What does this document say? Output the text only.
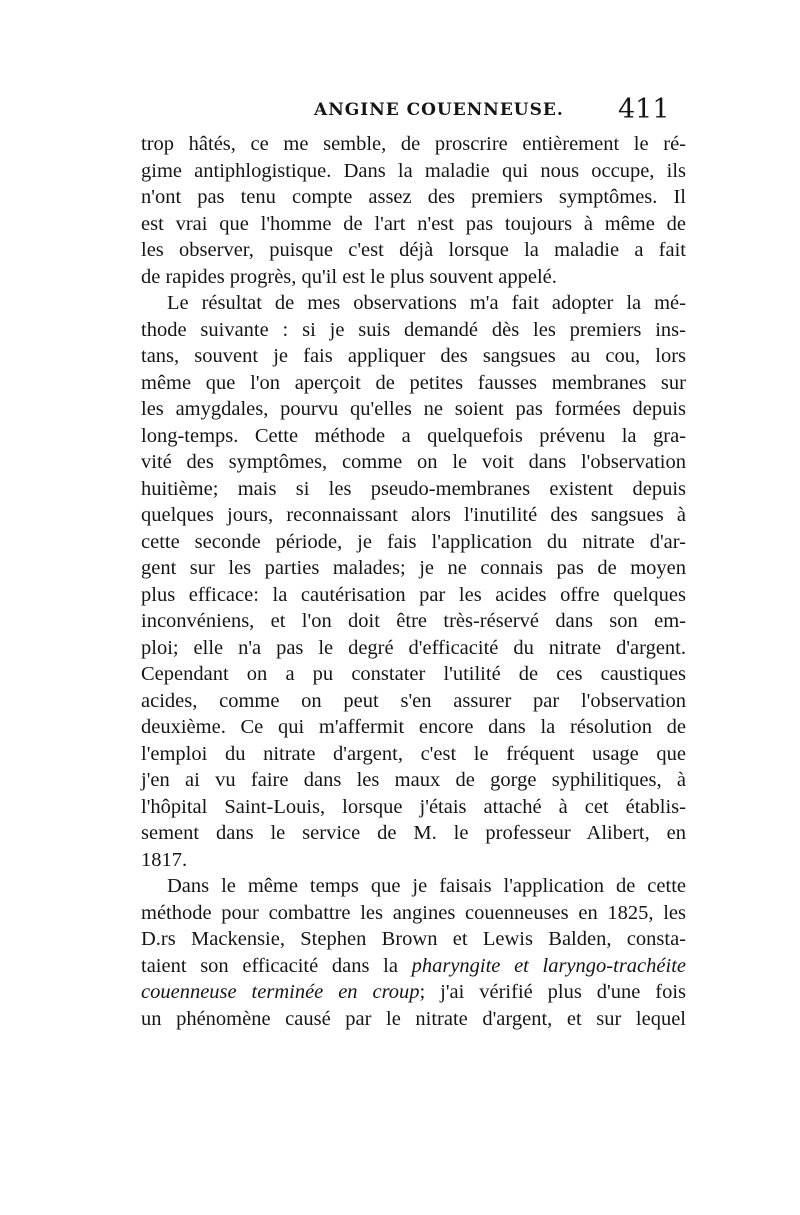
ANGINE COUENNEUSE. 411
trop hâtés, ce me semble, de proscrire entièrement le ré-
gime antiphlogistique. Dans la maladie qui nous occupe, ils
n'ont pas tenu compte assez des premiers symptômes. Il
est vrai que l'homme de l'art n'est pas toujours à même de
les observer, puisque c'est déjà lorsque la maladie a fait
de rapides progrès, qu'il est le plus souvent appelé.
Le résultat de mes observations m'a fait adopter la mé-
thode suivante : si je suis demandé dès les premiers ins-
tans, souvent je fais appliquer des sangsues au cou, lors
même que l'on aperçoit de petites fausses membranes sur
les amygdales, pourvu qu'elles ne soient pas formées depuis
long-temps. Cette méthode a quelquefois prévenu la gra-
vité des symptômes, comme on le voit dans l'observation
huitième; mais si les pseudo-membranes existent depuis
quelques jours, reconnaissant alors l'inutilité des sangsues à
cette seconde période, je fais l'application du nitrate d'ar-
gent sur les parties malades; je ne connais pas de moyen
plus efficace: la cautérisation par les acides offre quelques
inconvéniens, et l'on doit être très-réservé dans son em-
ploi; elle n'a pas le degré d'efficacité du nitrate d'argent.
Cependant on a pu constater l'utilité de ces caustiques
acides, comme on peut s'en assurer par l'observation
deuxième. Ce qui m'affermit encore dans la résolution de
l'emploi du nitrate d'argent, c'est le fréquent usage que
j'en ai vu faire dans les maux de gorge syphilitiques, à
l'hôpital Saint-Louis, lorsque j'étais attaché à cet établis-
sement dans le service de M. le professeur Alibert, en
1817.
Dans le même temps que je faisais l'application de cette
méthode pour combattre les angines couenneuses en 1825, les
D.rs Mackensie, Stephen Brown et Lewis Balden, consta-
taient son efficacité dans la pharyngite et laryngo-trachéite
couenneuse terminée en croup; j'ai vérifié plus d'une fois
un phénomène causé par le nitrate d'argent, et sur lequel
